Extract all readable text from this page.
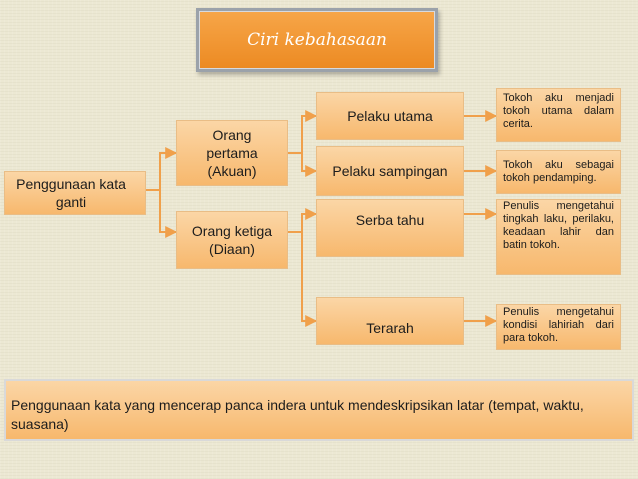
Ciri kebahasaan
Penggunaan kata ganti
Orang pertama (Akuan)
Orang ketiga (Diaan)
Pelaku utama
Pelaku sampingan
Serba tahu
Terarah
Tokoh aku menjadi tokoh utama dalam cerita.
Tokoh aku sebagai tokoh pendamping.
Penulis mengetahui tingkah laku, perilaku, keadaan lahir dan batin tokoh.
Penulis mengetahui kondisi lahiriah dari para tokoh.
Penggunaan kata yang mencerap panca indera untuk mendeskripsikan latar (tempat, waktu, suasana)
